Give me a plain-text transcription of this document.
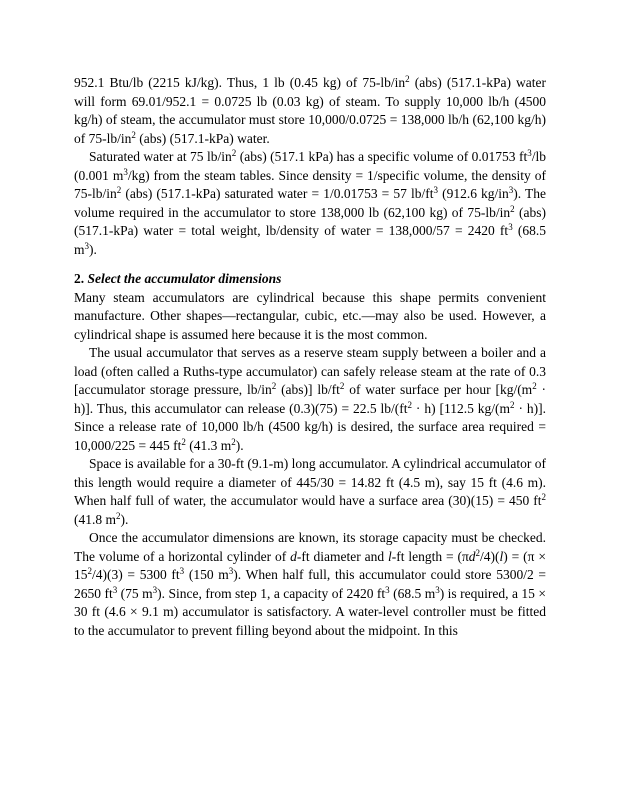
952.1 Btu/lb (2215 kJ/kg). Thus, 1 lb (0.45 kg) of $75-lb/in^2$ (abs) (517.1-kPa) water will form 69.01/952.1 = 0.0725 lb (0.03 kg) of steam. To supply 10,000 lb/h (4500 kg/h) of steam, the accumulator must store 10,000/0.0725 = 138,000 lb/h (62,100 kg/h) of $75-lb/in^2$ (abs) (517.1-kPa) water.

Saturated water at 75 $lb/in^2$ (abs) (517.1 kPa) has a specific volume of 0.01753 $ft^3/lb$ (0.001 $m^3/kg$) from the steam tables. Since density = 1/specific volume, the density of $75-lb/in^2$ (abs) (517.1-kPa) saturated water = 1/0.01753 = 57 $lb/ft^3$ (912.6 $kg/in^3$). The volume required in the accumulator to store 138,000 lb (62,100 kg) of $75-lb/in^2$ (abs) (517.1-kPa) water = total weight, lb/density of water = 138,000/57 = 2420 $ft^3$ (68.5 $m^3$).

2. Select the accumulator dimensions

Many steam accumulators are cylindrical because this shape permits convenient manufacture. Other shapes—rectangular, cubic, etc.—may also be used. However, a cylindrical shape is assumed here because it is the most common.

The usual accumulator that serves as a reserve steam supply between a boiler and a load (often called a Ruths-type accumulator) can safely release steam at the rate of 0.3 [accumulator storage pressure, $lb/in^2$ (abs)] $lb/ft^2$ of water surface per hour $[kg/(m^2 \cdot h)]$. Thus, this accumulator can release (0.3)(75) = 22.5 $lb/(ft^2 \cdot h)$ [112.5 $kg/(m^2 \cdot h)$]. Since a release rate of 10,000 lb/h (4500 kg/h) is desired, the surface area required = 10,000/225 = 445 $ft^2$ (41.3 $m^2$).

Space is available for a 30-ft (9.1-m) long accumulator. A cylindrical accumulator of this length would require a diameter of 445/30 = 14.82 ft (4.5 m), say 15 ft (4.6 m). When half full of water, the accumulator would have a surface area (30)(15) = 450 $ft^2$ (41.8 $m^2$).

Once the accumulator dimensions are known, its storage capacity must be checked. The volume of a horizontal cylinder of d-ft diameter and l-ft length = $(\pi d^2/4)(l) = (\pi \times 15^2/4)(3) = 5300$ $ft^3$ (150 $m^3$). When half full, this accumulator could store 5300/2 = 2650 $ft^3$ (75 $m^3$). Since, from step 1, a capacity of 2420 $ft^3$ (68.5 $m^3$) is required, a 15 × 30 ft (4.6 × 9.1 m) accumulator is satisfactory. A water-level controller must be fitted to the accumulator to prevent filling beyond about the midpoint. In this
